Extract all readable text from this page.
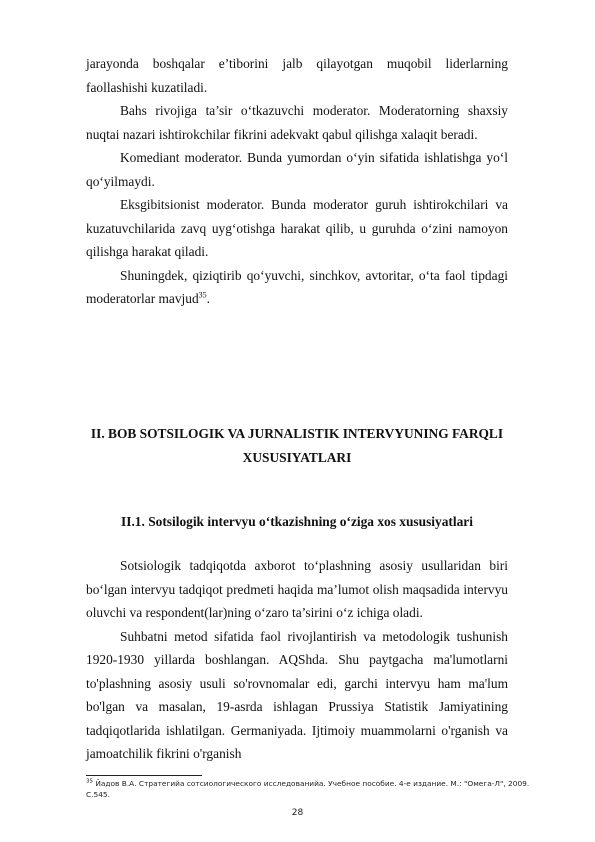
jarayonda boshqalar e’tiborini jalb qilayotgan muqobil liderlarning faollashishi kuzatiladi.

Bahs rivojiga ta’sir o‘tkazuvchi moderator. Moderatorning shaxsiy nuqtai nazari ishtirokchilar fikrini adekvakt qabul qilishga xalaqit beradi.

Komediant moderator. Bunda yumordan o‘yin sifatida ishlatishga yo‘l qo‘yilmaydi.

Eksgibitsionist moderator. Bunda moderator guruh ishtirokchilari va kuzatuvchilarida zavq uyg‘otishga harakat qilib, u guruhda o‘zini namoyon qilishga harakat qiladi.

Shuningdek, qiziqtirib qo‘yuvchi, sinchkov, avtoritar, o‘ta faol tipdagi moderatorlar mavjud$^{35}$.

II. BOB SOTSILOGIK VA JURNALISTIK INTERVYUNING FARQLI XUSUSIYATLARI
II.1. Sotsilogik intervyu o‘tkazishning o‘ziga xos xususiyatlari

Sotsiologik tadqiqotda axborot to‘plashning asosiy usullaridan biri bo‘lgan intervyu tadqiqot predmeti haqida ma’lumot olish maqsadida intervyu oluvchi va respondent(lar)ning o‘zaro ta’sirini o‘z ichiga oladi.

Suhbatni metod sifatida faol rivojlantirish va metodologik tushunish 1920-1930 yillarda boshlangan. AQShda. Shu paytgacha ma'lumotlarni to'plashning asosiy usuli so'rovnomalar edi, garchi intervyu ham ma'lum bo'lgan va masalan, 19-asrda ishlagan Prussiya Statistik Jamiyatining tadqiqotlarida ishlatilgan. Germaniyada. Ijtimoiy muammolarni o'rganish va jamoatchilik fikrini o'rganish

$^{35}$ Йадов В.А. Стратегийа сотсиологического исследованийа. Учебное пособие. 4-е издание. М.: "Омега-Л", 2009. С.545.
28
